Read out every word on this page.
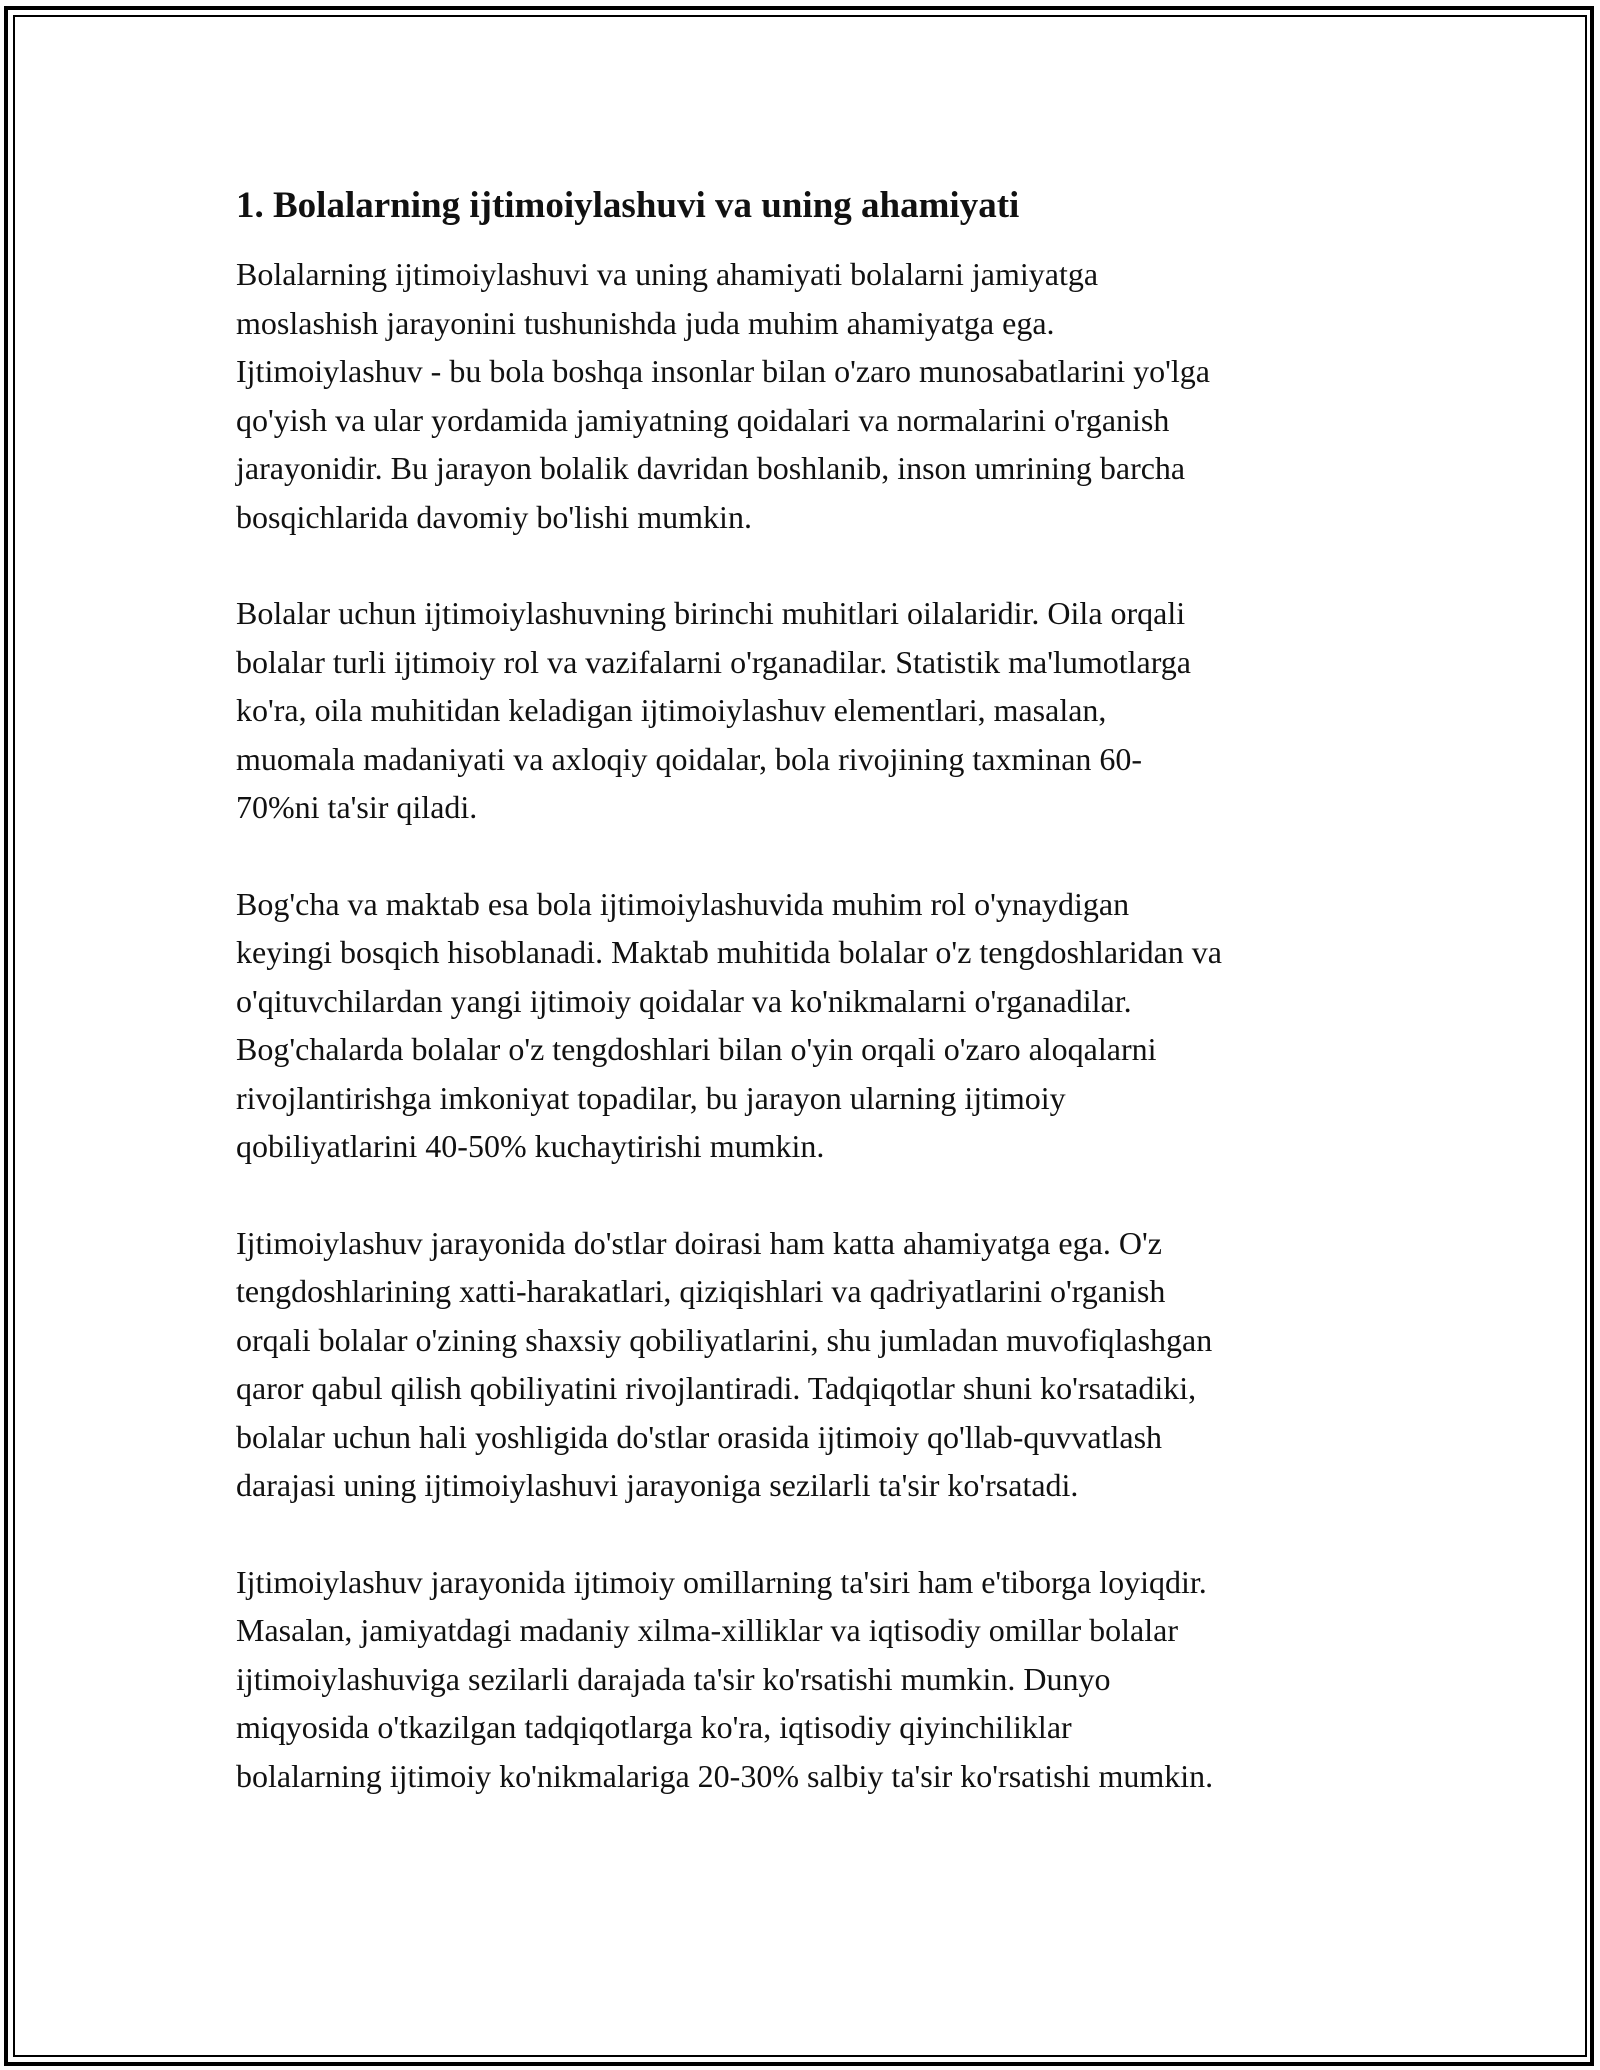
1. Bolalarning ijtimoiylashuvi va uning ahamiyati

Bolalarning ijtimoiylashuvi va uning ahamiyati bolalarni jamiyatga
moslashish jarayonini tushunishda juda muhim ahamiyatga ega.
Ijtimoiylashuv - bu bola boshqa insonlar bilan o'zaro munosabatlarini yo'lga
qo'yish va ular yordamida jamiyatning qoidalari va normalarini o'rganish
jarayonidir. Bu jarayon bolalik davridan boshlanib, inson umrining barcha
bosqichlarida davomiy bo'lishi mumkin.

Bolalar uchun ijtimoiylashuvning birinchi muhitlari oilalaridir. Oila orqali
bolalar turli ijtimoiy rol va vazifalarni o'rganadilar. Statistik ma'lumotlarga
ko'ra, oila muhitidan keladigan ijtimoiylashuv elementlari, masalan,
muomala madaniyati va axloqiy qoidalar, bola rivojining taxminan 60-
70%ni ta'sir qiladi.

Bog'cha va maktab esa bola ijtimoiylashuvida muhim rol o'ynaydigan
keyingi bosqich hisoblanadi. Maktab muhitida bolalar o'z tengdoshlaridan va
o'qituvchilardan yangi ijtimoiy qoidalar va ko'nikmalarni o'rganadilar.
Bog'chalarda bolalar o'z tengdoshlari bilan o'yin orqali o'zaro aloqalarni
rivojlantirishga imkoniyat topadilar, bu jarayon ularning ijtimoiy
qobiliyatlarini 40-50% kuchaytirishi mumkin.

Ijtimoiylashuv jarayonida do'stlar doirasi ham katta ahamiyatga ega. O'z
tengdoshlarining xatti-harakatlari, qiziqishlari va qadriyatlarini o'rganish
orqali bolalar o'zining shaxsiy qobiliyatlarini, shu jumladan muvofiqlashgan
qaror qabul qilish qobiliyatini rivojlantiradi. Tadqiqotlar shuni ko'rsatadiki,
bolalar uchun hali yoshligida do'stlar orasida ijtimoiy qo'llab-quvvatlash
darajasi uning ijtimoiylashuvi jarayoniga sezilarli ta'sir ko'rsatadi.

Ijtimoiylashuv jarayonida ijtimoiy omillarning ta'siri ham e'tiborga loyiqdir.
Masalan, jamiyatdagi madaniy xilma-xilliklar va iqtisodiy omillar bolalar
ijtimoiylashuviga sezilarli darajada ta'sir ko'rsatishi mumkin. Dunyo
miqyosida o'tkazilgan tadqiqotlarga ko'ra, iqtisodiy qiyinchiliklar
bolalarning ijtimoiy ko'nikmalariga 20-30% salbiy ta'sir ko'rsatishi mumkin.
